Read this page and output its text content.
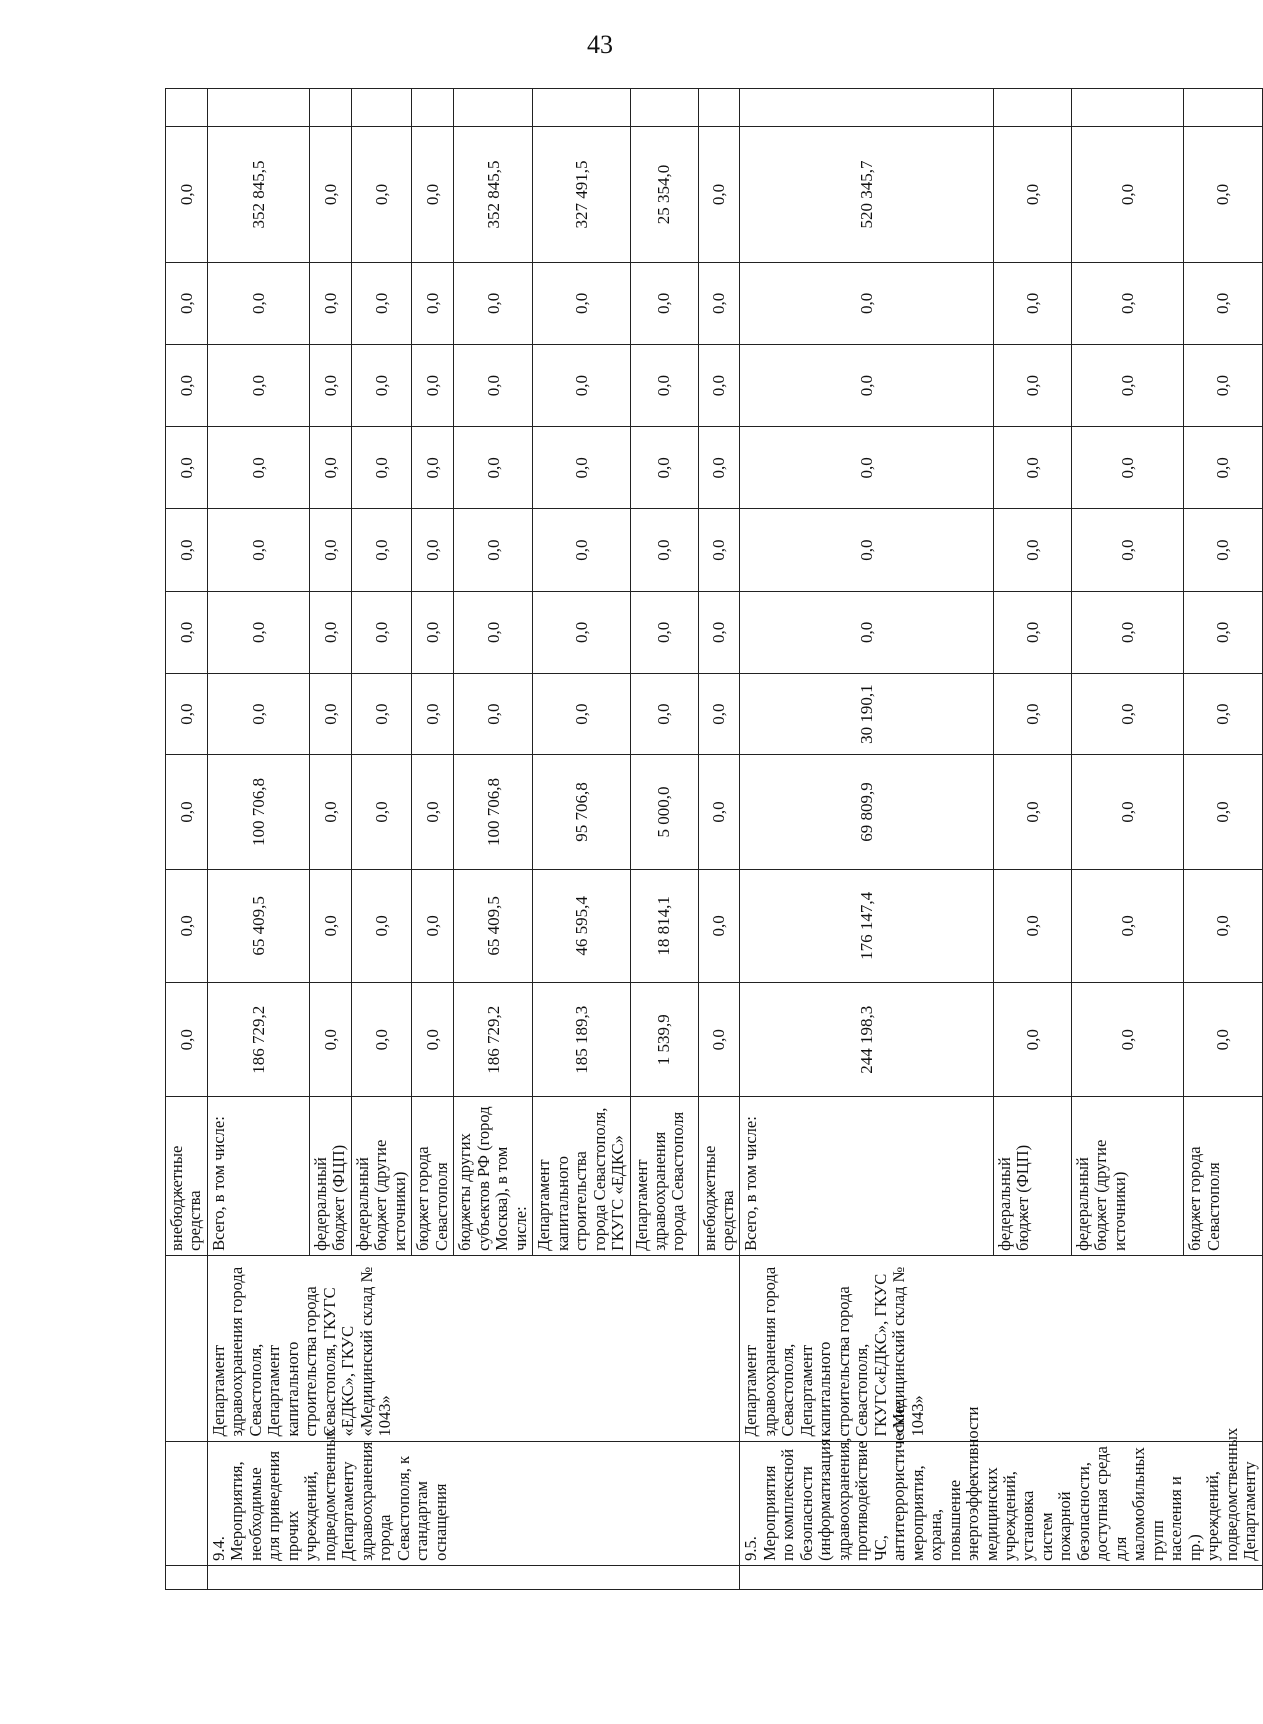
43
			внебюджетные средства	0,0	0,0	0,0	0,0	0,0	0,0	0,0	0,0	0,0	0,0	
	9.4. Мероприятия, необходимые для приведения прочих учреждений, подведомственных Департаменту здравоохранения города Севастополя, к стандартам оснащения	Департамент здравоохранения города Севастополя, Департамент капитального строительства города Севастополя, ГКУГС «ЕДКС», ГКУС «Медицинский склад № 1043»	Всего, в том числе:	186 729,2	65 409,5	100 706,8	0,0	0,0	0,0	0,0	0,0	0,0	352 845,5	
			федеральный бюджет (ФЦП)	0,0	0,0	0,0	0,0	0,0	0,0	0,0	0,0	0,0	0,0	
			федеральный бюджет (другие источники)	0,0	0,0	0,0	0,0	0,0	0,0	0,0	0,0	0,0	0,0	
			бюджет города Севастополя	0,0	0,0	0,0	0,0	0,0	0,0	0,0	0,0	0,0	0,0	
			бюджеты других субъектов РФ (город Москва), в том числе:	186 729,2	65 409,5	100 706,8	0,0	0,0	0,0	0,0	0,0	0,0	352 845,5	
			Департамент капитального строительства города Севастополя, ГКУГС «ЕДКС»	185 189,3	46 595,4	95 706,8	0,0	0,0	0,0	0,0	0,0	0,0	327 491,5	
			Департамент здравоохранения города Севастополя	1 539,9	18 814,1	5 000,0	0,0	0,0	0,0	0,0	0,0	0,0	25 354,0	
			внебюджетные средства	0,0	0,0	0,0	0,0	0,0	0,0	0,0	0,0	0,0	0,0	
	9.5. Мероприятия по комплексной безопасности (информатизация здравоохранения, противодействие ЧС, антитеррористические мероприятия, охрана, повышение энергоэффективности медицинских учреждений, установка систем пожарной безопасности, доступная среда для маломобильных групп населения и пр.) учреждений, подведомственных Департаменту	Департамент здравоохранения города Севастополя, Департамент капитального строительства города Севастополя, ГКУГС«ЕДКС», ГКУС «Медицинский склад № 1043»	Всего, в том числе:	244 198,3	176 147,4	69 809,9	30 190,1	0,0	0,0	0,0	0,0	0,0	520 345,7	
			федеральный бюджет (ФЦП)	0,0	0,0	0,0	0,0	0,0	0,0	0,0	0,0	0,0	0,0	
			федеральный бюджет (другие источники)	0,0	0,0	0,0	0,0	0,0	0,0	0,0	0,0	0,0	0,0	
			бюджет города Севастополя	0,0	0,0	0,0	0,0	0,0	0,0	0,0	0,0	0,0	0,0	
